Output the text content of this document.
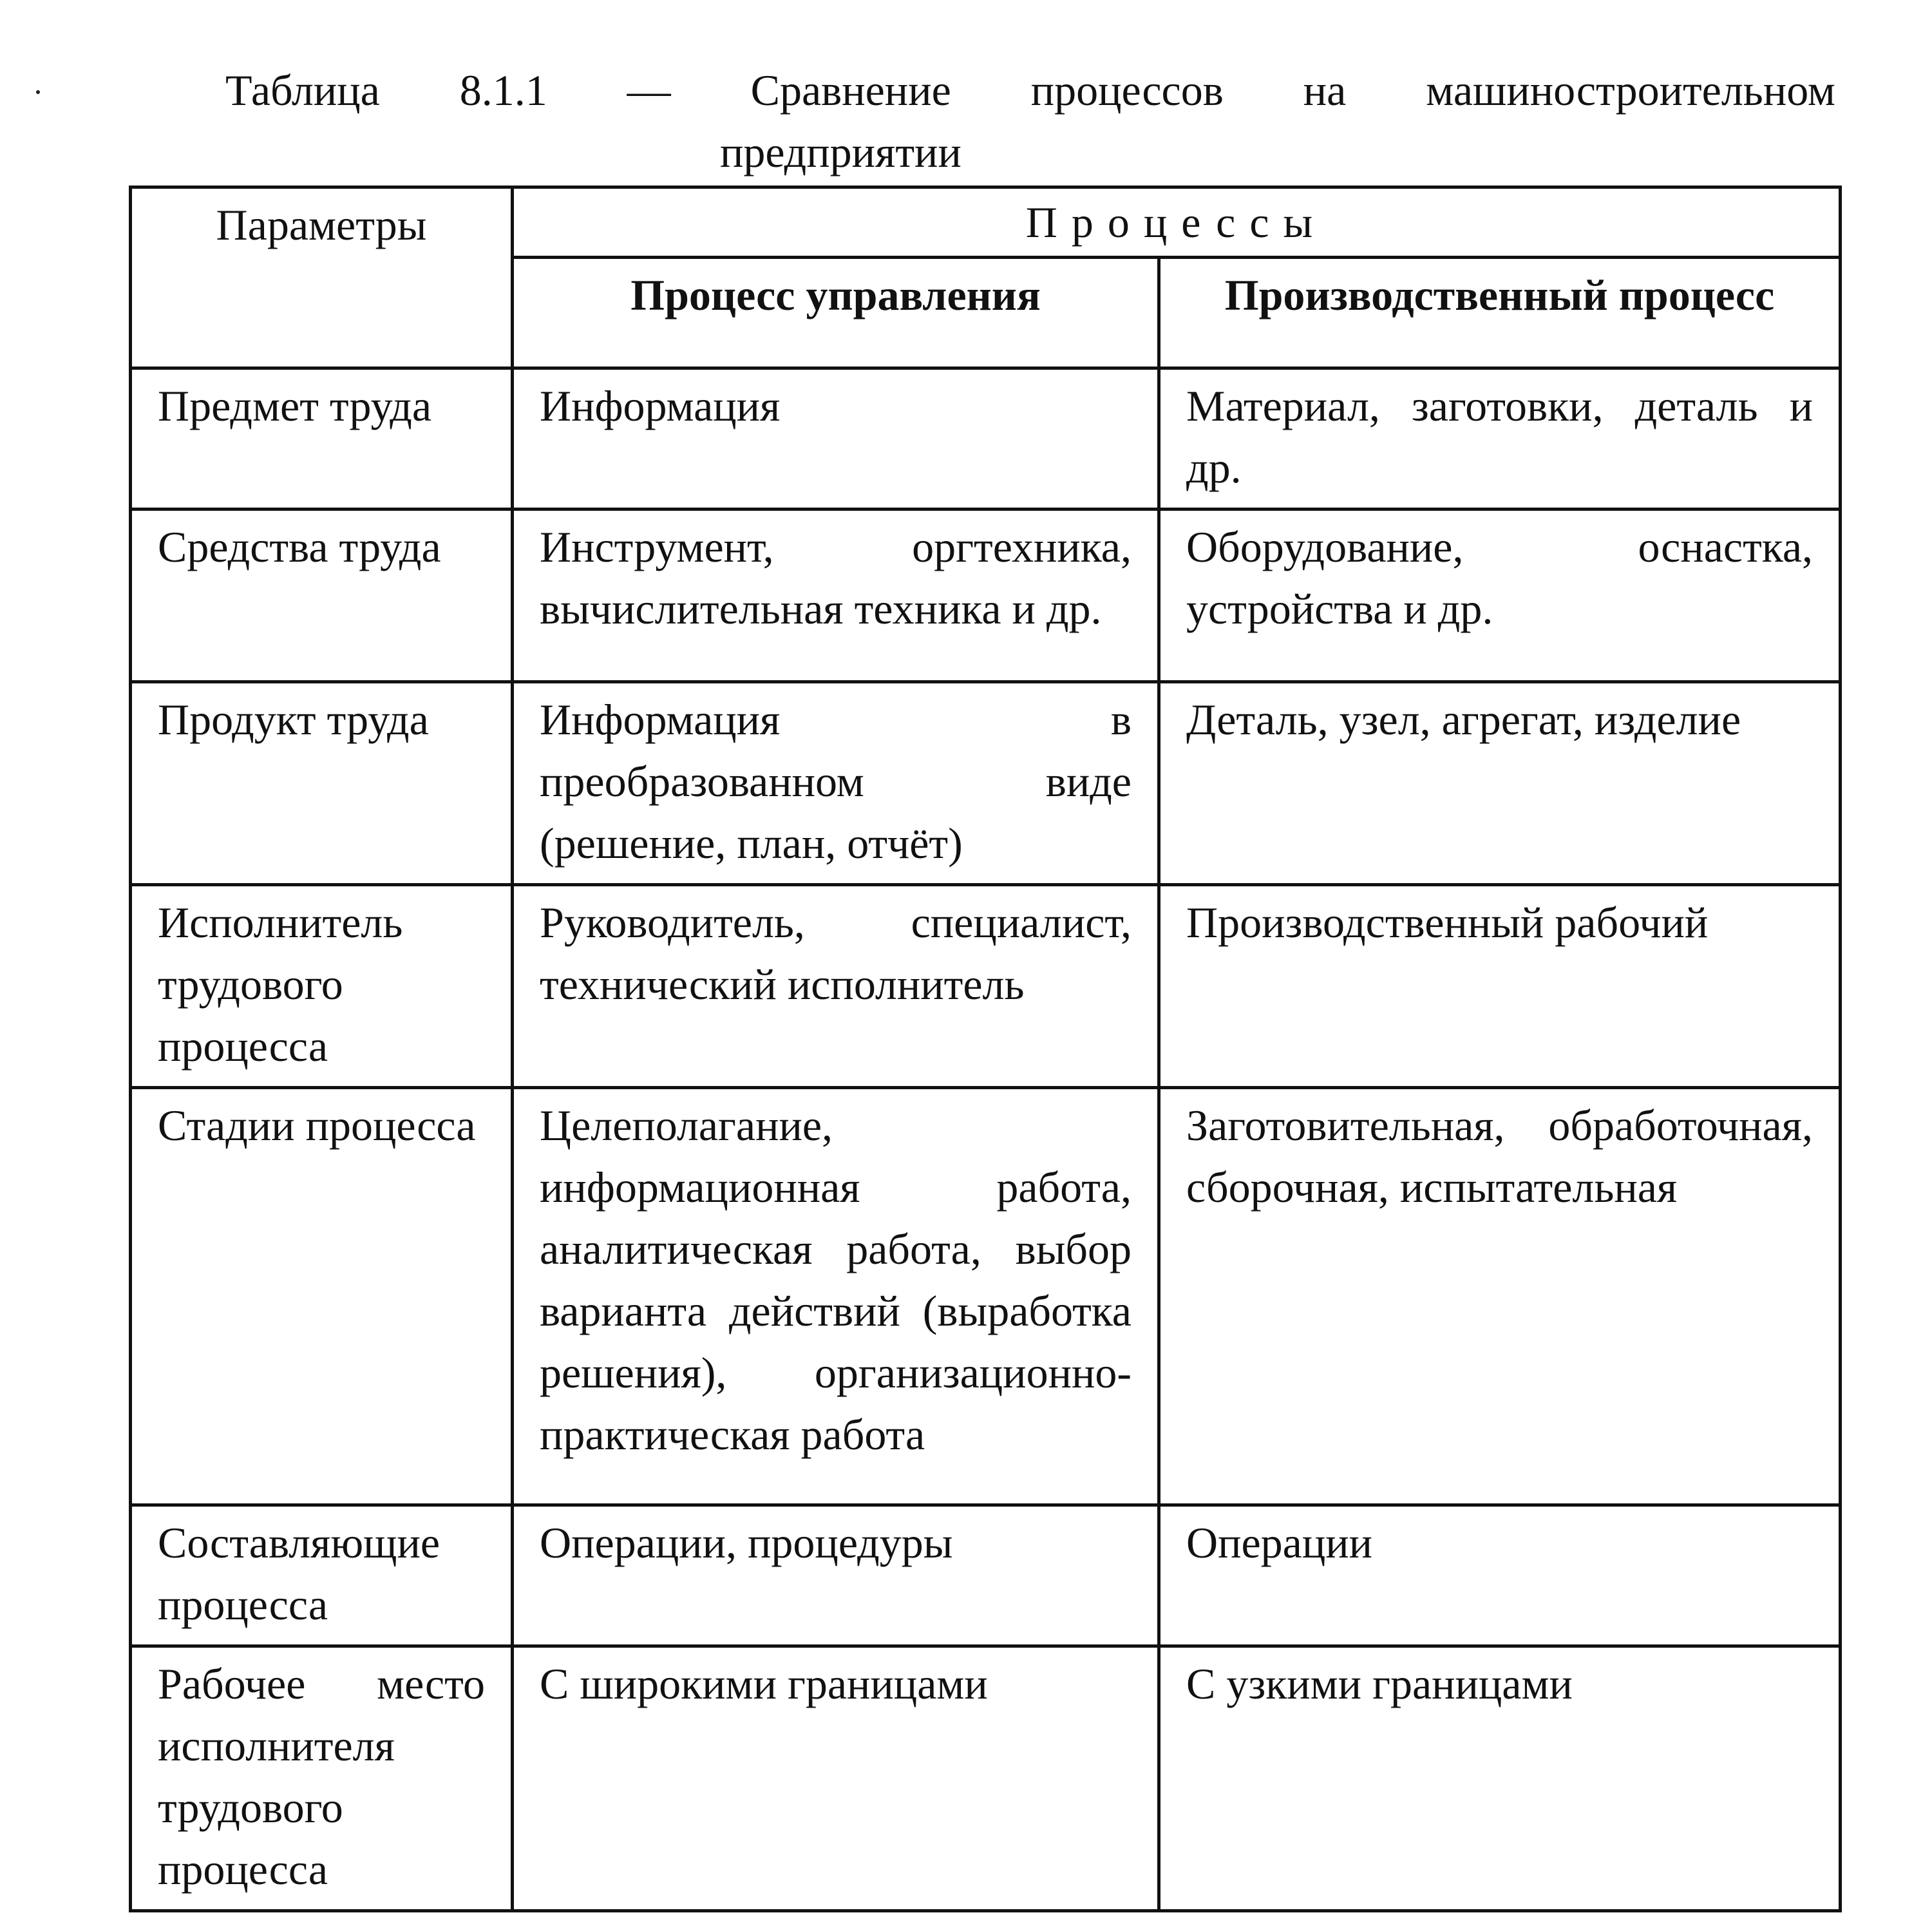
Таблица 8.1.1 — Сравнение процессов на машиностроительном
предприятии
Параметры	Процессы	
	Процесс управления	Производственный процесс
Предмет труда	Информация	Материал, заготовки, деталь и др.
Средства труда	Инструмент, оргтехника, вычислительная техника и др.	Оборудование, оснастка, устройства и др.
Продукт труда	Информация в преобразованном виде (решение, план, отчёт)	Деталь, узел, агрегат, изделие
Исполнитель трудового процесса	Руководитель, специалист, технический исполнитель	Производственный рабочий
Стадии процесса	Целеполагание, информационная работа, аналитическая работа, выбор варианта действий (выработка решения), организационно-практическая работа	Заготовительная, обработочная, сборочная, испытательная
Составляющие процесса	Операции, процедуры	Операции
Рабочее место исполнителя трудового процесса	С широкими границами	С узкими границами
